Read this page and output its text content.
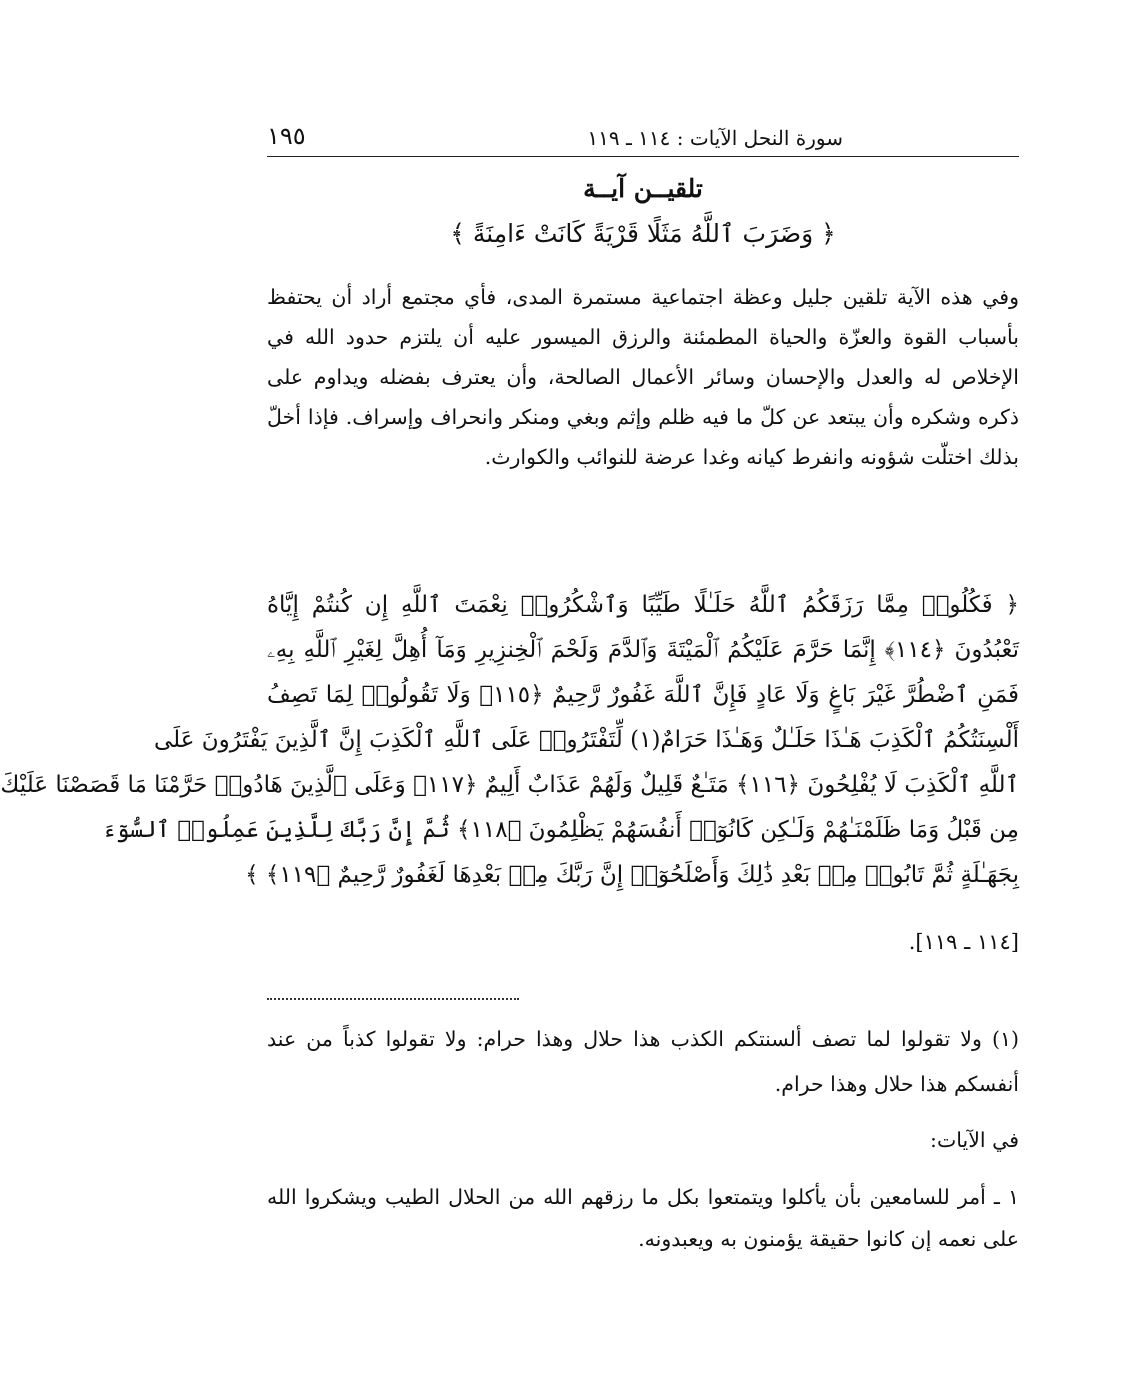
سورة النحل الآيات : ١١٤ ـ ١١٩
١٩٥
تلقيــن آيــة
﴿ وَضَرَبَ ٱللَّهُ مَثَلًا قَرْيَةً كَانَتْ ءَامِنَةً ﴾
وفي هذه الآية تلقين جليل وعظة اجتماعية مستمرة المدى، فأي مجتمع أراد أن يحتفظ بأسباب القوة والعزّة والحياة المطمئنة والرزق الميسور عليه أن يلتزم حدود الله في الإخلاص له والعدل والإحسان وسائر الأعمال الصالحة، وأن يعترف بفضله ويداوم على ذكره وشكره وأن يبتعد عن كلّ ما فيه ظلم وإثم وبغي ومنكر وانحراف وإسراف. فإذا أخلّ بذلك اختلّت شؤونه وانفرط كيانه وغدا عرضة للنوائب والكوارث.
﴿ فَكُلُوا۟ مِمَّا رَزَقَكُمُ ٱللَّهُ حَلَـٰلًا طَيِّبًا وَٱشْكُرُوا۟ نِعْمَتَ ٱللَّهِ إِن كُنتُمْ إِيَّاهُ
تَعْبُدُونَ ﴿١١٤﴾ إِنَّمَا حَرَّمَ عَلَيْكُمُ ٱلْمَيْتَةَ وَٱلدَّمَ وَلَحْمَ ٱلْخِنزِيرِ وَمَآ أُهِلَّ لِغَيْرِ ٱللَّهِ بِهِۦ
فَمَنِ ٱضْطُرَّ غَيْرَ بَاغٍ وَلَا عَادٍ فَإِنَّ ٱللَّهَ غَفُورٌ رَّحِيمٌ ﴿١١٥﴾ وَلَا تَقُولُوا۟ لِمَا تَصِفُ
أَلْسِنَتُكُمُ ٱلْكَذِبَ هَـٰذَا حَلَـٰلٌ وَهَـٰذَا حَرَامٌ(١) لِّتَفْتَرُوا۟ عَلَى ٱللَّهِ ٱلْكَذِبَ إِنَّ ٱلَّذِينَ يَفْتَرُونَ عَلَى
ٱللَّهِ ٱلْكَذِبَ لَا يُفْلِحُونَ ﴿١١٦﴾ مَتَـٰعٌ قَلِيلٌ وَلَهُمْ عَذَابٌ أَلِيمٌ ﴿١١٧﴾ وَعَلَى ٱلَّذِينَ هَادُوا۟ حَرَّمْنَا مَا قَصَصْنَا عَلَيْكَ
مِن قَبْلُ وَمَا ظَلَمْنَـٰهُمْ وَلَـٰكِن كَانُوٓا۟ أَنفُسَهُمْ يَظْلِمُونَ ﴿١١٨﴾ ثُمَّ إِنَّ رَبَّكَ لِلَّذِينَ عَمِلُوا۟ ٱلسُّوٓءَ
بِجَهَـٰلَةٍ ثُمَّ تَابُوا۟ مِنۢ بَعْدِ ذَٰلِكَ وَأَصْلَحُوٓا۟ إِنَّ رَبَّكَ مِنۢ بَعْدِهَا لَغَفُورٌ رَّحِيمٌ ﴿١١٩﴾ ﴾
[١١٤ ـ ١١٩].
(١) ولا تقولوا لما تصف ألسنتكم الكذب هذا حلال وهذا حرام: ولا تقولوا كذباً من عند أنفسكم هذا حلال وهذا حرام.
في الآيات:
١ ـ أمر للسامعين بأن يأكلوا ويتمتعوا بكل ما رزقهم الله من الحلال الطيب ويشكروا الله على نعمه إن كانوا حقيقة يؤمنون به ويعبدونه.
